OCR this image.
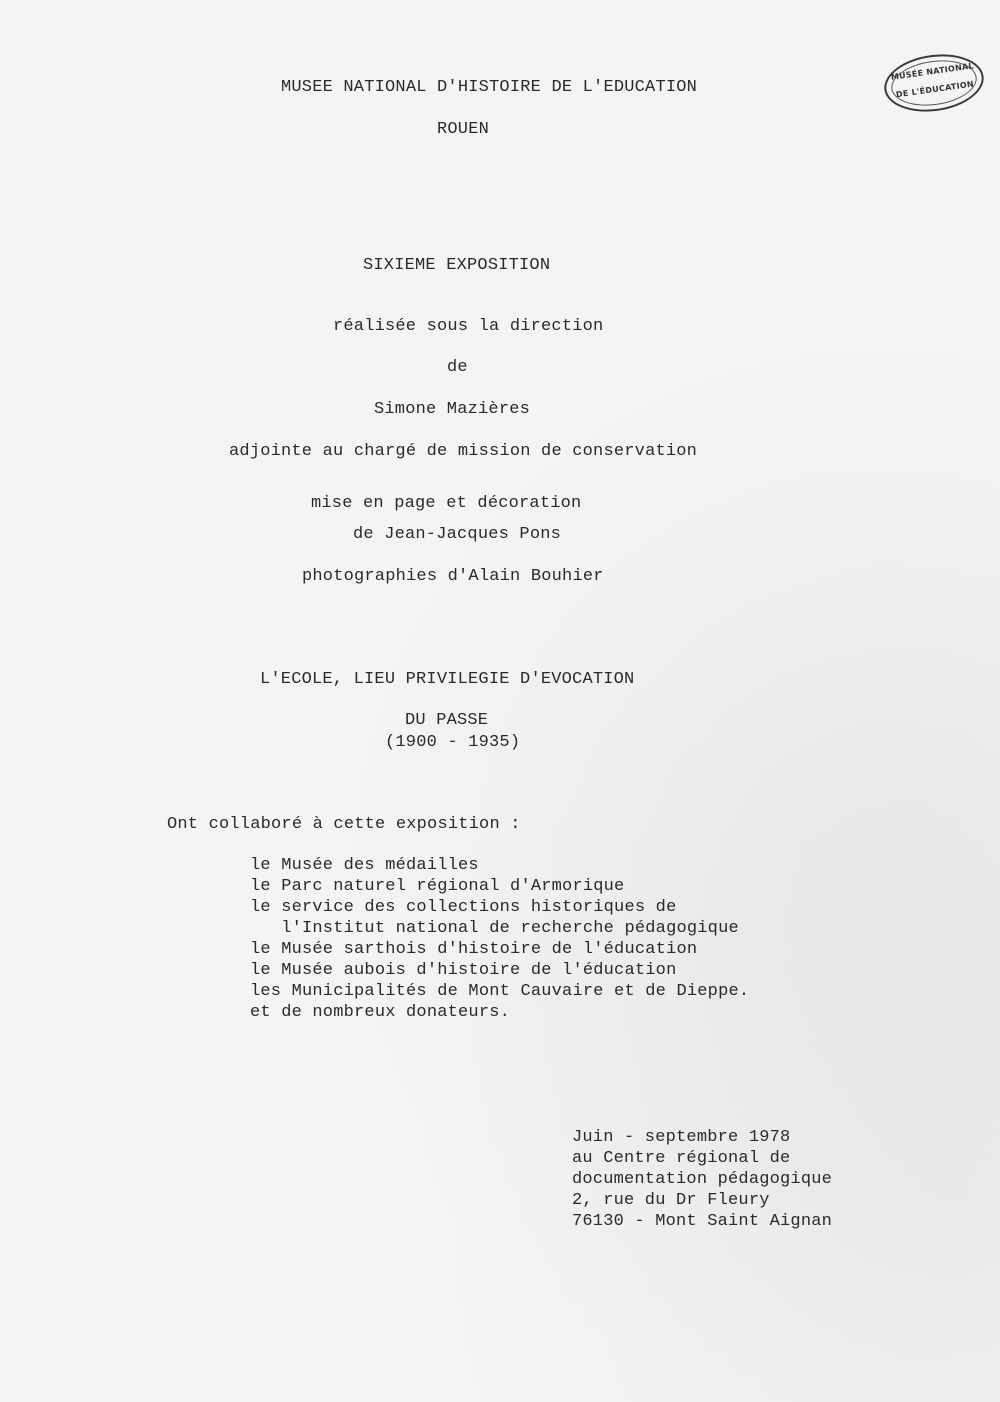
MUSEE NATIONAL D'HISTOIRE DE L'EDUCATION
ROUEN
MUSÉE NATIONAL
DE L'ÉDUCATION
SIXIEME EXPOSITION
réalisée sous la direction
de
Simone Mazières
adjointe au chargé de mission de conservation
mise en page et décoration
de Jean-Jacques Pons
photographies d'Alain Bouhier
L'ECOLE, LIEU PRIVILEGIE D'EVOCATION
DU PASSE
(1900 - 1935)
Ont collaboré à cette exposition :
le Musée des médailles
le Parc naturel régional d'Armorique
le service des collections historiques de
l'Institut national de recherche pédagogique
le Musée sarthois d'histoire de l'éducation
le Musée aubois d'histoire de l'éducation
les Municipalités de Mont Cauvaire et de Dieppe.
et de nombreux donateurs.
Juin - septembre 1978
au Centre régional de
documentation pédagogique
2, rue du Dr Fleury
76130 - Mont Saint Aignan
